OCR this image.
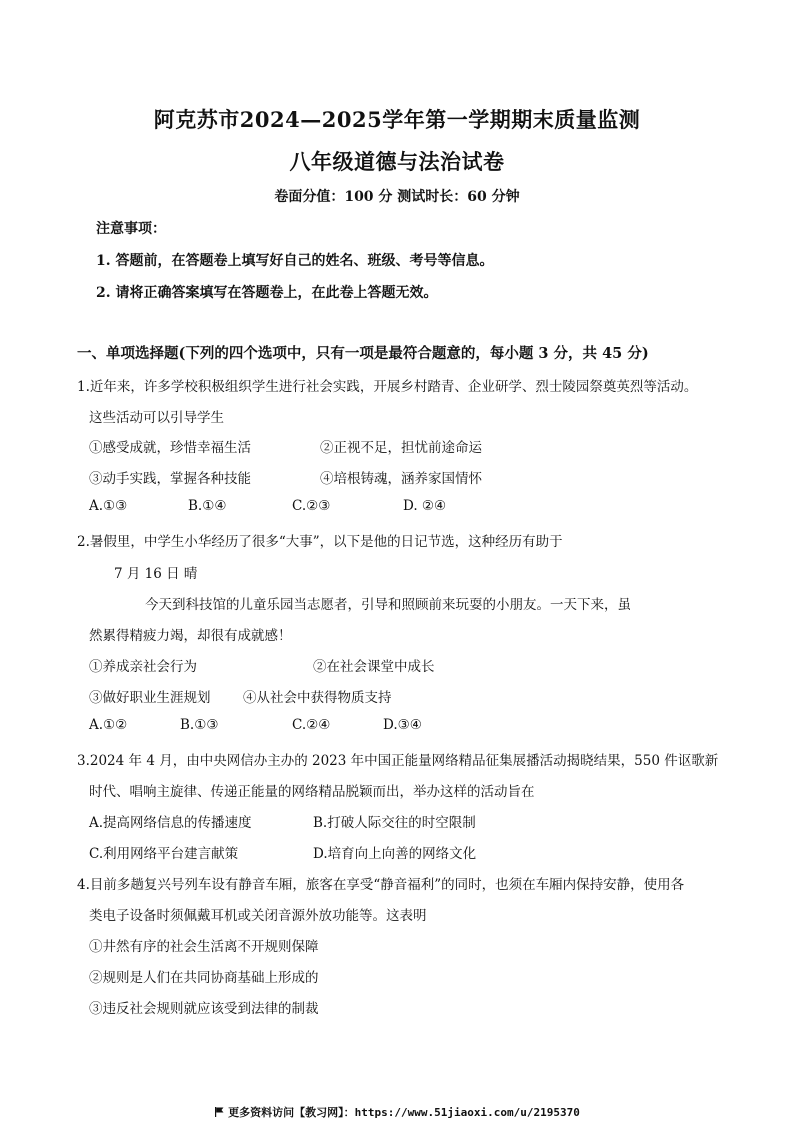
阿克苏市2024—2025学年第一学期期末质量监测
八年级道德与法治试卷
卷面分值：100 分 测试时长：60 分钟
注意事项：
1. 答题前，在答题卷上填写好自己的姓名、班级、考号等信息。
2. 请将正确答案填写在答题卷上，在此卷上答题无效。
一、单项选择题(下列的四个选项中，只有一项是最符合题意的，每小题 3 分，共 45 分)
1.近年来，许多学校积极组织学生进行社会实践，开展乡村踏青、企业研学、烈士陵园祭奠英烈等活动。
这些活动可以引导学生
①感受成就，珍惜幸福生活	②正视不足，担忧前途命运
③动手实践，掌握各种技能	④培根铸魂，涵养家国情怀
A.①③	B.①④	C.②③	D. ②④
2.暑假里，中学生小华经历了很多“大事”，以下是他的日记节选，这种经历有助于
7 月 16 日 晴
今天到科技馆的儿童乐园当志愿者，引导和照顾前来玩耍的小朋友。一天下来，虽
然累得精疲力竭，却很有成就感！
①养成亲社会行为	②在社会课堂中成长
③做好职业生涯规划 ④从社会中获得物质支持
A.①②	B.①③	C.②④	D.③④
3.2024 年 4 月，由中央网信办主办的 2023 年中国正能量网络精品征集展播活动揭晓结果，550 件讴歌新
时代、唱响主旋律、传递正能量的网络精品脱颖而出，举办这样的活动旨在
A.提高网络信息的传播速度	B.打破人际交往的时空限制
C.利用网络平台建言献策	D.培育向上向善的网络文化
4.目前多趟复兴号列车设有静音车厢，旅客在享受“静音福利”的同时，也须在车厢内保持安静，使用各
类电子设备时须佩戴耳机或关闭音源外放功能等。这表明
①井然有序的社会生活离不开规则保障
②规则是人们在共同协商基础上形成的
③违反社会规则就应该受到法律的制裁
更多资料访问【教习网】：https://www.51jiaoxi.com/u/2195370
